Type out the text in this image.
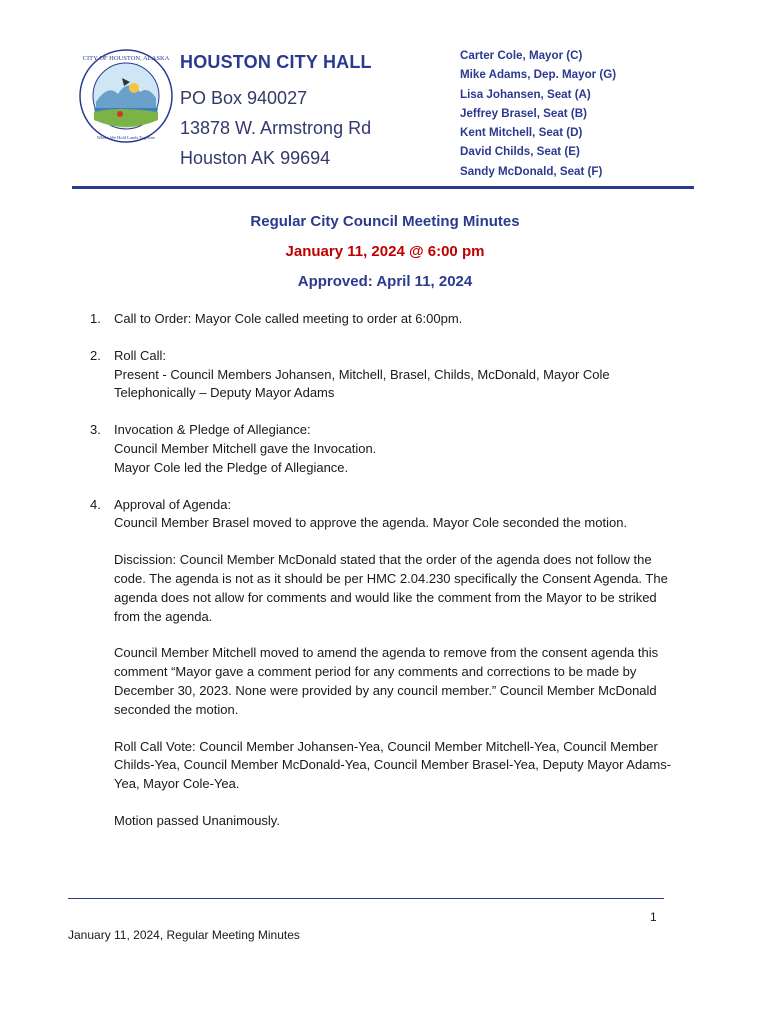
CITY OF HOUSTON, ALASKA
Where We Hold Lands Together
HOUSTON CITY HALL
PO Box 940027
13878 W. Armstrong Rd
Houston AK 99694
Carter Cole, Mayor (C)
Mike Adams, Dep. Mayor (G)
Lisa Johansen, Seat (A)
Jeffrey Brasel, Seat (B)
Kent Mitchell, Seat (D)
David Childs, Seat (E)
Sandy McDonald, Seat (F)
Regular City Council Meeting Minutes
January 11, 2024 @ 6:00 pm
Approved: April 11, 2024
1.	Call to Order: Mayor Cole called meeting to order at 6:00pm.
2.	Roll Call:
Present - Council Members Johansen, Mitchell, Brasel, Childs, McDonald, Mayor Cole
Telephonically – Deputy Mayor Adams
3.	Invocation & Pledge of Allegiance:
Council Member Mitchell gave the Invocation.
Mayor Cole led the Pledge of Allegiance.
4.	Approval of Agenda:
Council Member Brasel moved to approve the agenda. Mayor Cole seconded the motion.
Discission: Council Member McDonald stated that the order of the agenda does not follow the code. The agenda is not as it should be per HMC 2.04.230 specifically the Consent Agenda. The agenda does not allow for comments and would like the comment from the Mayor to be striked from the agenda.
Council Member Mitchell moved to amend the agenda to remove from the consent agenda this comment “Mayor gave a comment period for any comments and corrections to be made by December 30, 2023. None were provided by any council member.” Council Member McDonald seconded the motion.
Roll Call Vote: Council Member Johansen-Yea, Council Member Mitchell-Yea, Council Member Childs-Yea, Council Member McDonald-Yea, Council Member Brasel-Yea, Deputy Mayor Adams-Yea, Mayor Cole-Yea.
Motion passed Unanimously.
1
January 11, 2024, Regular Meeting Minutes
